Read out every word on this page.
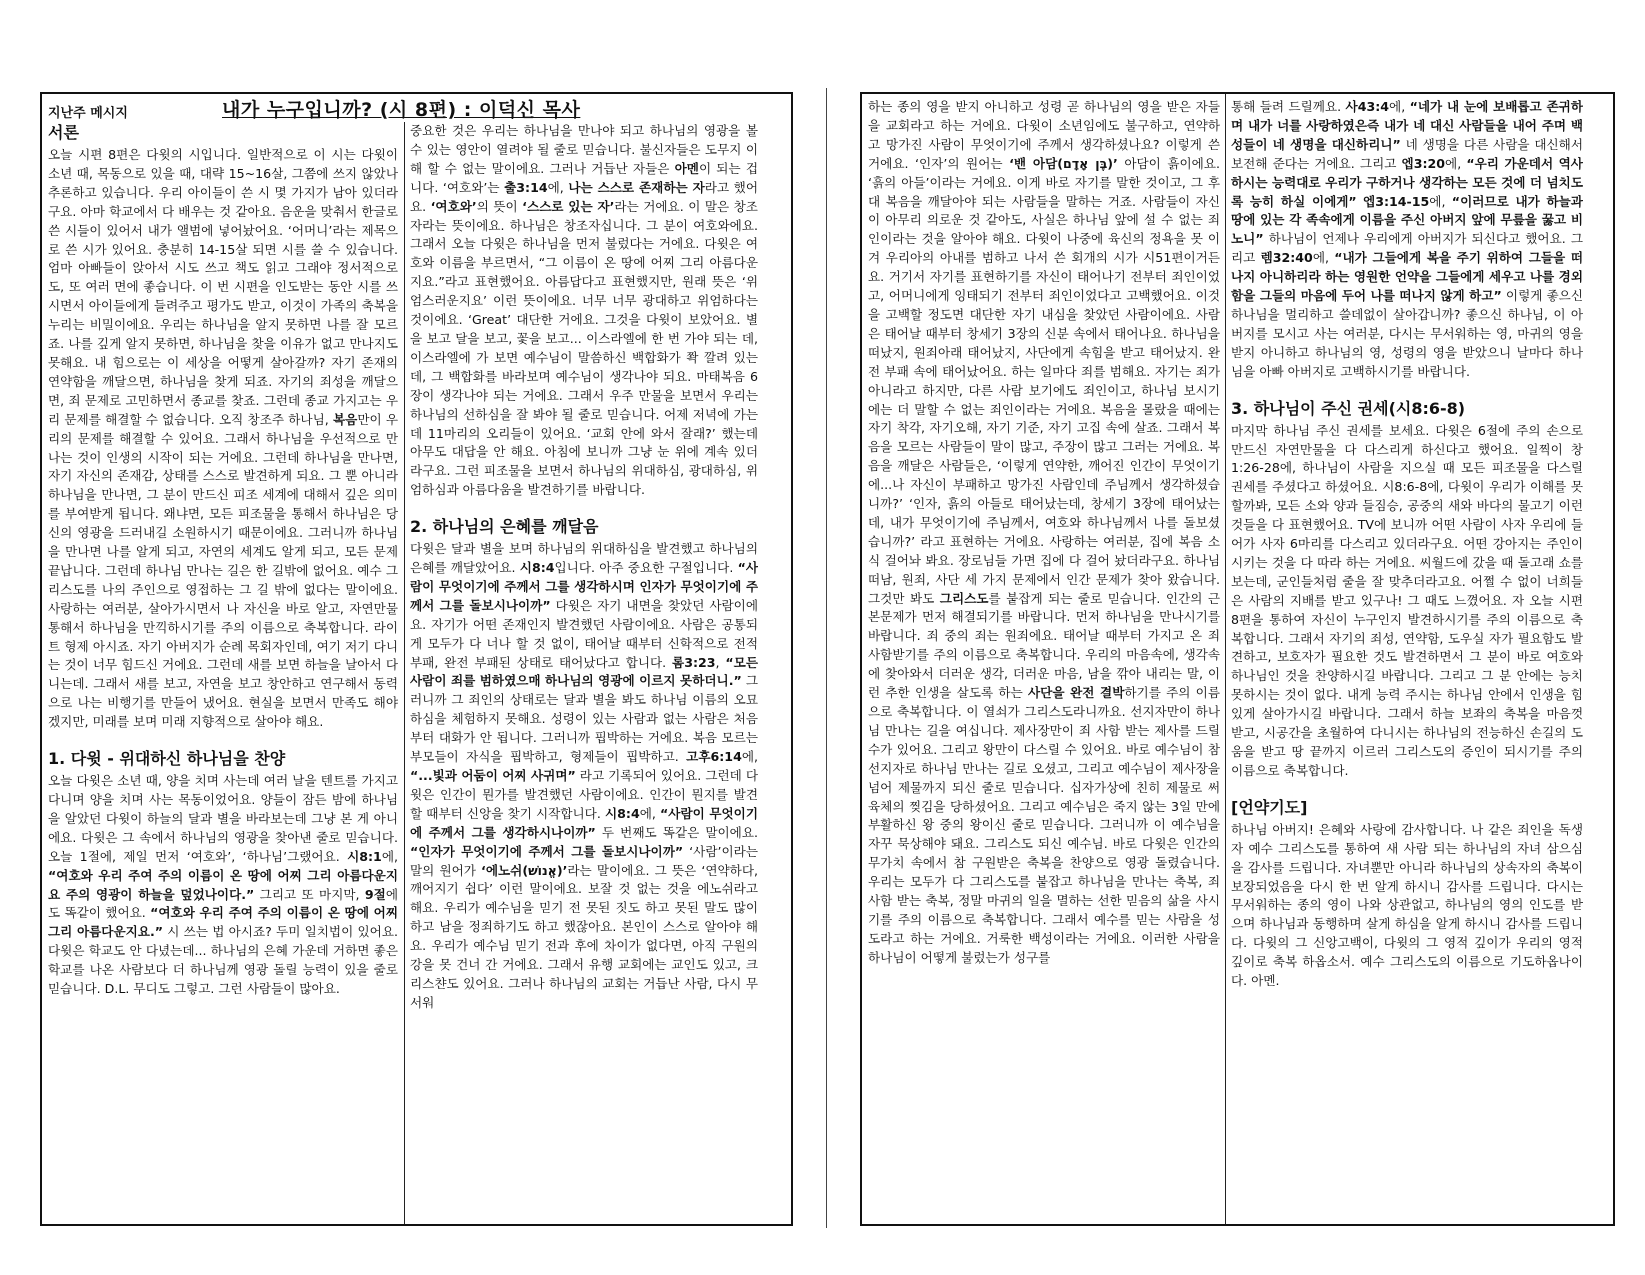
지난주 메시지	내가 누구입니까? (시 8편) : 이덕신 목사
서론

오늘 시편 8편은 다윗의 시입니다. 일반적으로 이 시는 다윗이 소년 때, 목동으로 있을 때, 대략 15~16살, 그쯤에 쓰지 않았나 추론하고 있습니다. 우리 아이들이 쓴 시 몇 가지가 남아 있더라구요. 아마 학교에서 다 배우는 것 같아요. 음운을 맞춰서 한글로 쓴 시들이 있어서 내가 앨범에 넣어놨어요. ‘어머니’라는 제목으로 쓴 시가 있어요. 충분히 14-15살 되면 시를 쓸 수 있습니다. 엄마 아빠들이 앉아서 시도 쓰고 책도 읽고 그래야 정서적으로도, 또 여러 면에 좋습니다. 이 번 시편을 인도받는 동안 시를 쓰시면서 아이들에게 들려주고 평가도 받고, 이것이 가족의 축복을 누리는 비밀이에요. 우리는 하나님을 알지 못하면 나를 잘 모르죠. 나를 깊게 알지 못하면, 하나님을 찾을 이유가 없고 만나지도 못해요. 내 힘으로는 이 세상을 어떻게 살아갈까? 자기 존재의 연약함을 깨달으면, 하나님을 찾게 되죠. 자기의 죄성을 깨달으면, 죄 문제로 고민하면서 종교를 찾죠. 그런데 종교 가지고는 우리 문제를 해결할 수 없습니다. 오직 창조주 하나님, 복음만이 우리의 문제를 해결할 수 있어요. 그래서 하나님을 우선적으로 만나는 것이 인생의 시작이 되는 거에요. 그런데 하나님을 만나면, 자기 자신의 존재감, 상태를 스스로 발견하게 되요. 그 뿐 아니라 하나님을 만나면, 그 분이 만드신 피조 세계에 대해서 깊은 의미를 부여받게 됩니다. 왜냐면, 모든 피조물을 통해서 하나님은 당신의 영광을 드러내길 소원하시기 때문이에요. 그러니까 하나님을 만나면 나를 알게 되고, 자연의 세계도 알게 되고, 모든 문제 끝납니다. 그런데 하나님 만나는 길은 한 길밖에 없어요. 예수 그리스도를 나의 주인으로 영접하는 그 길 밖에 없다는 말이에요. 사랑하는 여러분, 살아가시면서 나 자신을 바로 알고, 자연만물 통해서 하나님을 만끽하시기를 주의 이름으로 축복합니다. 라이트 형제 아시죠. 자기 아버지가 순례 목회자인데, 여기 저기 다니는 것이 너무 힘드신 거에요. 그런데 새를 보면 하늘을 날아서 다니는데. 그래서 새를 보고, 자연을 보고 창안하고 연구해서 동력으로 나는 비행기를 만들어 냈어요. 현실을 보면서 만족도 해야겠지만, 미래를 보며 미래 지향적으로 살아야 해요.

1. 다윗 - 위대하신 하나님을 찬양

오늘 다윗은 소년 때, 양을 치며 사는데 여러 날을 텐트를 가지고 다니며 양을 치며 사는 목동이었어요. 양들이 잠든 밤에 하나님을 알았던 다윗이 하늘의 달과 별을 바라보는데 그냥 본 게 아니에요. 다윗은 그 속에서 하나님의 영광을 찾아낸 줄로 믿습니다. 오늘 1절에, 제일 먼저 ‘여호와’, ‘하나님’그랬어요. 시8:1에, “여호와 우리 주여 주의 이름이 온 땅에 어찌 그리 아름다운지요 주의 영광이 하늘을 덮었나이다.” 그리고 또 마지막, 9절에도 똑같이 했어요. “여호와 우리 주여 주의 이름이 온 땅에 어찌 그리 아름다운지요.” 시 쓰는 법 아시죠? 두미 일치법이 있어요. 다윗은 학교도 안 다녔는데... 하나님의 은혜 가운데 거하면 좋은 학교를 나온 사람보다 더 하나님께 영광 돌릴 능력이 있을 줄로 믿습니다. D.L. 무디도 그렇고. 그런 사람들이 많아요.

중요한 것은 우리는 하나님을 만나야 되고 하나님의 영광을 볼 수 있는 영안이 열려야 될 줄로 믿습니다. 불신자들은 도무지 이해 할 수 없는 말이에요. 그러나 거듭난 자들은 아멘이 되는 겁니다. ‘여호와’는 출3:14에, 나는 스스로 존재하는 자라고 했어요. ‘여호와’의 뜻이 ‘스스로 있는 자’라는 거에요. 이 말은 창조자라는 뜻이에요. 하나님은 창조자십니다. 그 분이 여호와에요. 그래서 오늘 다윗은 하나님을 먼저 불렀다는 거에요. 다윗은 여호와 이름을 부르면서, “그 이름이 온 땅에 어찌 그리 아름다운지요.”라고 표현했어요. 아름답다고 표현했지만, 원래 뜻은 ‘위엄스러운지요’ 이런 뜻이에요. 너무 너무 광대하고 위엄하다는 것이에요. ‘Great’ 대단한 거에요. 그것을 다윗이 보았어요. 별을 보고 달을 보고, 꽃을 보고... 이스라엘에 한 번 가야 되는 데, 이스라엘에 가 보면 예수님이 말씀하신 백합화가 쫙 깔려 있는데, 그 백합화를 바라보며 예수님이 생각나야 되요. 마태복음 6장이 생각나야 되는 거에요. 그래서 우주 만물을 보면서 우리는 하나님의 선하심을 잘 봐야 될 줄로 믿습니다. 어제 저녁에 가는데 11마리의 오리들이 있어요. ‘교회 안에 와서 잘래?’ 했는데 아무도 대답을 안 해요. 아침에 보니까 그냥 눈 위에 계속 있더라구요. 그런 피조물을 보면서 하나님의 위대하심, 광대하심, 위엄하심과 아름다움을 발견하기를 바랍니다.

2. 하나님의 은혜를 깨달음

다윗은 달과 별을 보며 하나님의 위대하심을 발견했고 하나님의 은혜를 깨달았어요. 시8:4입니다. 아주 중요한 구절입니다. “사람이 무엇이기에 주께서 그를 생각하시며 인자가 무엇이기에 주께서 그를 돌보시나이까” 다윗은 자기 내면을 찾았던 사람이에요. 자기가 어떤 존재인지 발견했던 사람이에요. 사람은 공통되게 모두가 다 너나 할 것 없이, 태어날 때부터 신학적으로 전적부패, 완전 부패된 상태로 태어났다고 합니다. 롬3:23, “모든 사람이 죄를 범하였으매 하나님의 영광에 이르지 못하더니.” 그러니까 그 죄인의 상태로는 달과 별을 봐도 하나님 이름의 오묘하심을 체험하지 못해요. 성령이 있는 사람과 없는 사람은 처음부터 대화가 안 됩니다. 그러니까 핍박하는 거에요. 복음 모르는 부모들이 자식을 핍박하고, 형제들이 핍박하고. 고후6:14에, “...빛과 어둠이 어찌 사귀며” 라고 기록되어 있어요. 그런데 다윗은 인간이 뭔가를 발견했던 사람이에요. 인간이 뭔지를 발견할 때부터 신앙을 찾기 시작합니다. 시8:4에, “사람이 무엇이기에 주께서 그를 생각하시나이까” 두 번째도 똑같은 말이에요. “인자가 무엇이기에 주께서 그를 돌보시나이까” ‘사람’이라는 말의 원어가 ‘에노쉬(אֱנוֹשׁ)’라는 말이에요. 그 뜻은 ‘연약하다, 깨어지기 쉽다’ 이런 말이에요. 보잘 것 없는 것을 에노쉬라고 해요. 우리가 예수님을 믿기 전 못된 짓도 하고 못된 말도 많이 하고 남을 정죄하기도 하고 했잖아요. 본인이 스스로 알아야 해요. 우리가 예수님 믿기 전과 후에 차이가 없다면, 아직 구원의 강을 못 건너 간 거에요. 그래서 유행 교회에는 교인도 있고, 크리스챤도 있어요. 그러나 하나님의 교회는 거듭난 사람, 다시 무서워

하는 종의 영을 받지 아니하고 성령 곧 하나님의 영을 받은 자들을 교회라고 하는 거에요. 다윗이 소년임에도 불구하고, 연약하고 망가진 사람이 무엇이기에 주께서 생각하셨나요? 이렇게 쓴 거에요. ‘인자’의 원어는 ‘밴 아담(בֶּן אָדָם)’ 아담이 흙이에요. ‘흙의 아들’이라는 거에요. 이게 바로 자기를 말한 것이고, 그 후대 복음을 깨달아야 되는 사람들을 말하는 거죠. 사람들이 자신이 아무리 의로운 것 같아도, 사실은 하나님 앞에 설 수 없는 죄인이라는 것을 알아야 해요. 다윗이 나중에 육신의 정욕을 못 이겨 우리아의 아내를 범하고 나서 쓴 회개의 시가 시51편이거든요. 거기서 자기를 표현하기를 자신이 태어나기 전부터 죄인이었고, 어머니에게 잉태되기 전부터 죄인이었다고 고백했어요. 이것을 고백할 정도면 대단한 자기 내심을 찾았던 사람이에요. 사람은 태어날 때부터 창세기 3장의 신분 속에서 태어나요. 하나님을 떠났지, 원죄아래 태어났지, 사단에게 속힘을 받고 태어났지. 완전 부패 속에 태어났어요. 하는 일마다 죄를 범해요. 자기는 죄가 아니라고 하지만, 다른 사람 보기에도 죄인이고, 하나님 보시기에는 더 말할 수 없는 죄인이라는 거에요. 복음을 몰랐을 때에는 자기 착각, 자기오해, 자기 기준, 자기 고집 속에 살죠. 그래서 복음을 모르는 사람들이 말이 많고, 주장이 많고 그러는 거에요. 복음을 깨달은 사람들은, ‘이렇게 연약한, 깨어진 인간이 무엇이기에...나 자신이 부패하고 망가진 사람인데 주님께서 생각하셨습니까?’ ‘인자, 흙의 아들로 태어났는데, 창세기 3장에 태어났는데, 내가 무엇이기에 주님께서, 여호와 하나님께서 나를 돌보셨습니까?’ 라고 표현하는 거에요. 사랑하는 여러분, 집에 복음 소식 걸어놔 봐요. 장로님들 가면 집에 다 걸어 놨더라구요. 하나님 떠남, 원죄, 사단 세 가지 문제에서 인간 문제가 찾아 왔습니다. 그것만 봐도 그리스도를 붙잡게 되는 줄로 믿습니다. 인간의 근본문제가 먼저 해결되기를 바랍니다. 먼저 하나님을 만나시기를 바랍니다. 죄 중의 죄는 원죄에요. 태어날 때부터 가지고 온 죄 사함받기를 주의 이름으로 축복합니다. 우리의 마음속에, 생각속에 찾아와서 더러운 생각, 더러운 마음, 남을 깎아 내리는 말, 이런 추한 인생을 살도록 하는 사단을 완전 결박하기를 주의 이름으로 축복합니다. 이 열쇠가 그리스도라니까요. 선지자만이 하나님 만나는 길을 여십니다. 제사장만이 죄 사함 받는 제사를 드릴수가 있어요. 그리고 왕만이 다스릴 수 있어요. 바로 예수님이 참 선지자로 하나님 만나는 길로 오셨고, 그리고 예수님이 제사장을 넘어 제물까지 되신 줄로 믿습니다. 십자가상에 친히 제물로 써 육체의 찢김을 당하셨어요. 그리고 예수님은 죽지 않는 3일 만에 부활하신 왕 중의 왕이신 줄로 믿습니다. 그러니까 이 예수님을 자꾸 묵상해야 돼요. 그리스도 되신 예수님. 바로 다윗은 인간의 무가치 속에서 참 구원받은 축복을 찬양으로 영광 돌렸습니다. 우리는 모두가 다 그리스도를 붙잡고 하나님을 만나는 축복, 죄 사함 받는 축복, 정말 마귀의 일을 멸하는 선한 믿음의 삶을 사시기를 주의 이름으로 축복합니다. 그래서 예수를 믿는 사람을 성도라고 하는 거에요. 거룩한 백성이라는 거에요. 이러한 사람을 하나님이 어떻게 불렀는가 성구를

통해 들려 드릴께요. 사43:4에, “네가 내 눈에 보배롭고 존귀하며 내가 너를 사랑하였은즉 내가 네 대신 사람들을 내어 주며 백성들이 네 생명을 대신하리니” 네 생명을 다른 사람을 대신해서 보전해 준다는 거에요. 그리고 엡3:20에, “우리 가운데서 역사하시는 능력대로 우리가 구하거나 생각하는 모든 것에 더 넘치도록 능히 하실 이에게” 엡3:14-15에, “이러므로 내가 하늘과 땅에 있는 각 족속에게 이름을 주신 아버지 앞에 무릎을 꿇고 비노니” 하나님이 언제나 우리에게 아버지가 되신다고 했어요. 그리고 렘32:40에, “내가 그들에게 복을 주기 위하여 그들을 떠나지 아니하리라 하는 영원한 언약을 그들에게 세우고 나를 경외함을 그들의 마음에 두어 나를 떠나지 않게 하고” 이렇게 좋으신 하나님을 멀리하고 쓸데없이 살아갑니까? 좋으신 하나님, 이 아버지를 모시고 사는 여러분, 다시는 무서워하는 영, 마귀의 영을 받지 아니하고 하나님의 영, 성령의 영을 받았으니 날마다 하나님을 아빠 아버지로 고백하시기를 바랍니다.

3. 하나님이 주신 권세(시8:6-8)

마지막 하나님 주신 권세를 보세요. 다윗은 6절에 주의 손으로 만드신 자연만물을 다 다스리게 하신다고 했어요. 일찍이 창1:26-28에, 하나님이 사람을 지으실 때 모든 피조물을 다스릴 권세를 주셨다고 하셨어요. 시8:6-8에, 다윗이 우리가 이해를 못 할까봐, 모든 소와 양과 들짐승, 공중의 새와 바다의 물고기 이런 것들을 다 표현했어요. TV에 보니까 어떤 사람이 사자 우리에 들어가 사자 6마리를 다스리고 있더라구요. 어떤 강아지는 주인이 시키는 것을 다 따라 하는 거에요. 씨월드에 갔을 때 돌고래 쇼를 보는데, 군인들처럼 줄을 잘 맞추더라고요. 어쩔 수 없이 너희들은 사람의 지배를 받고 있구나! 그 때도 느꼈어요. 자 오늘 시편 8편을 통하여 자신이 누구인지 발견하시기를 주의 이름으로 축복합니다. 그래서 자기의 죄성, 연약함, 도우실 자가 필요함도 발견하고, 보호자가 필요한 것도 발견하면서 그 분이 바로 여호와 하나님인 것을 찬양하시길 바랍니다. 그리고 그 분 안에는 능치 못하시는 것이 없다. 내게 능력 주시는 하나님 안에서 인생을 힘 있게 살아가시길 바랍니다. 그래서 하늘 보좌의 축복을 마음껏 받고, 시공간을 초월하여 다니시는 하나님의 전능하신 손길의 도움을 받고 땅 끝까지 이르러 그리스도의 증인이 되시기를 주의 이름으로 축복합니다.

[언약기도]

하나님 아버지! 은혜와 사랑에 감사합니다. 나 같은 죄인을 독생자 예수 그리스도를 통하여 새 사람 되는 하나님의 자녀 삼으심을 감사를 드립니다. 자녀뿐만 아니라 하나님의 상속자의 축복이 보장되었음을 다시 한 번 알게 하시니 감사를 드립니다. 다시는 무서워하는 종의 영이 나와 상관없고, 하나님의 영의 인도를 받으며 하나님과 동행하며 살게 하심을 알게 하시니 감사를 드립니다. 다윗의 그 신앙고백이, 다윗의 그 영적 깊이가 우리의 영적 깊이로 축복 하옵소서. 예수 그리스도의 이름으로 기도하옵나이다. 아멘.
